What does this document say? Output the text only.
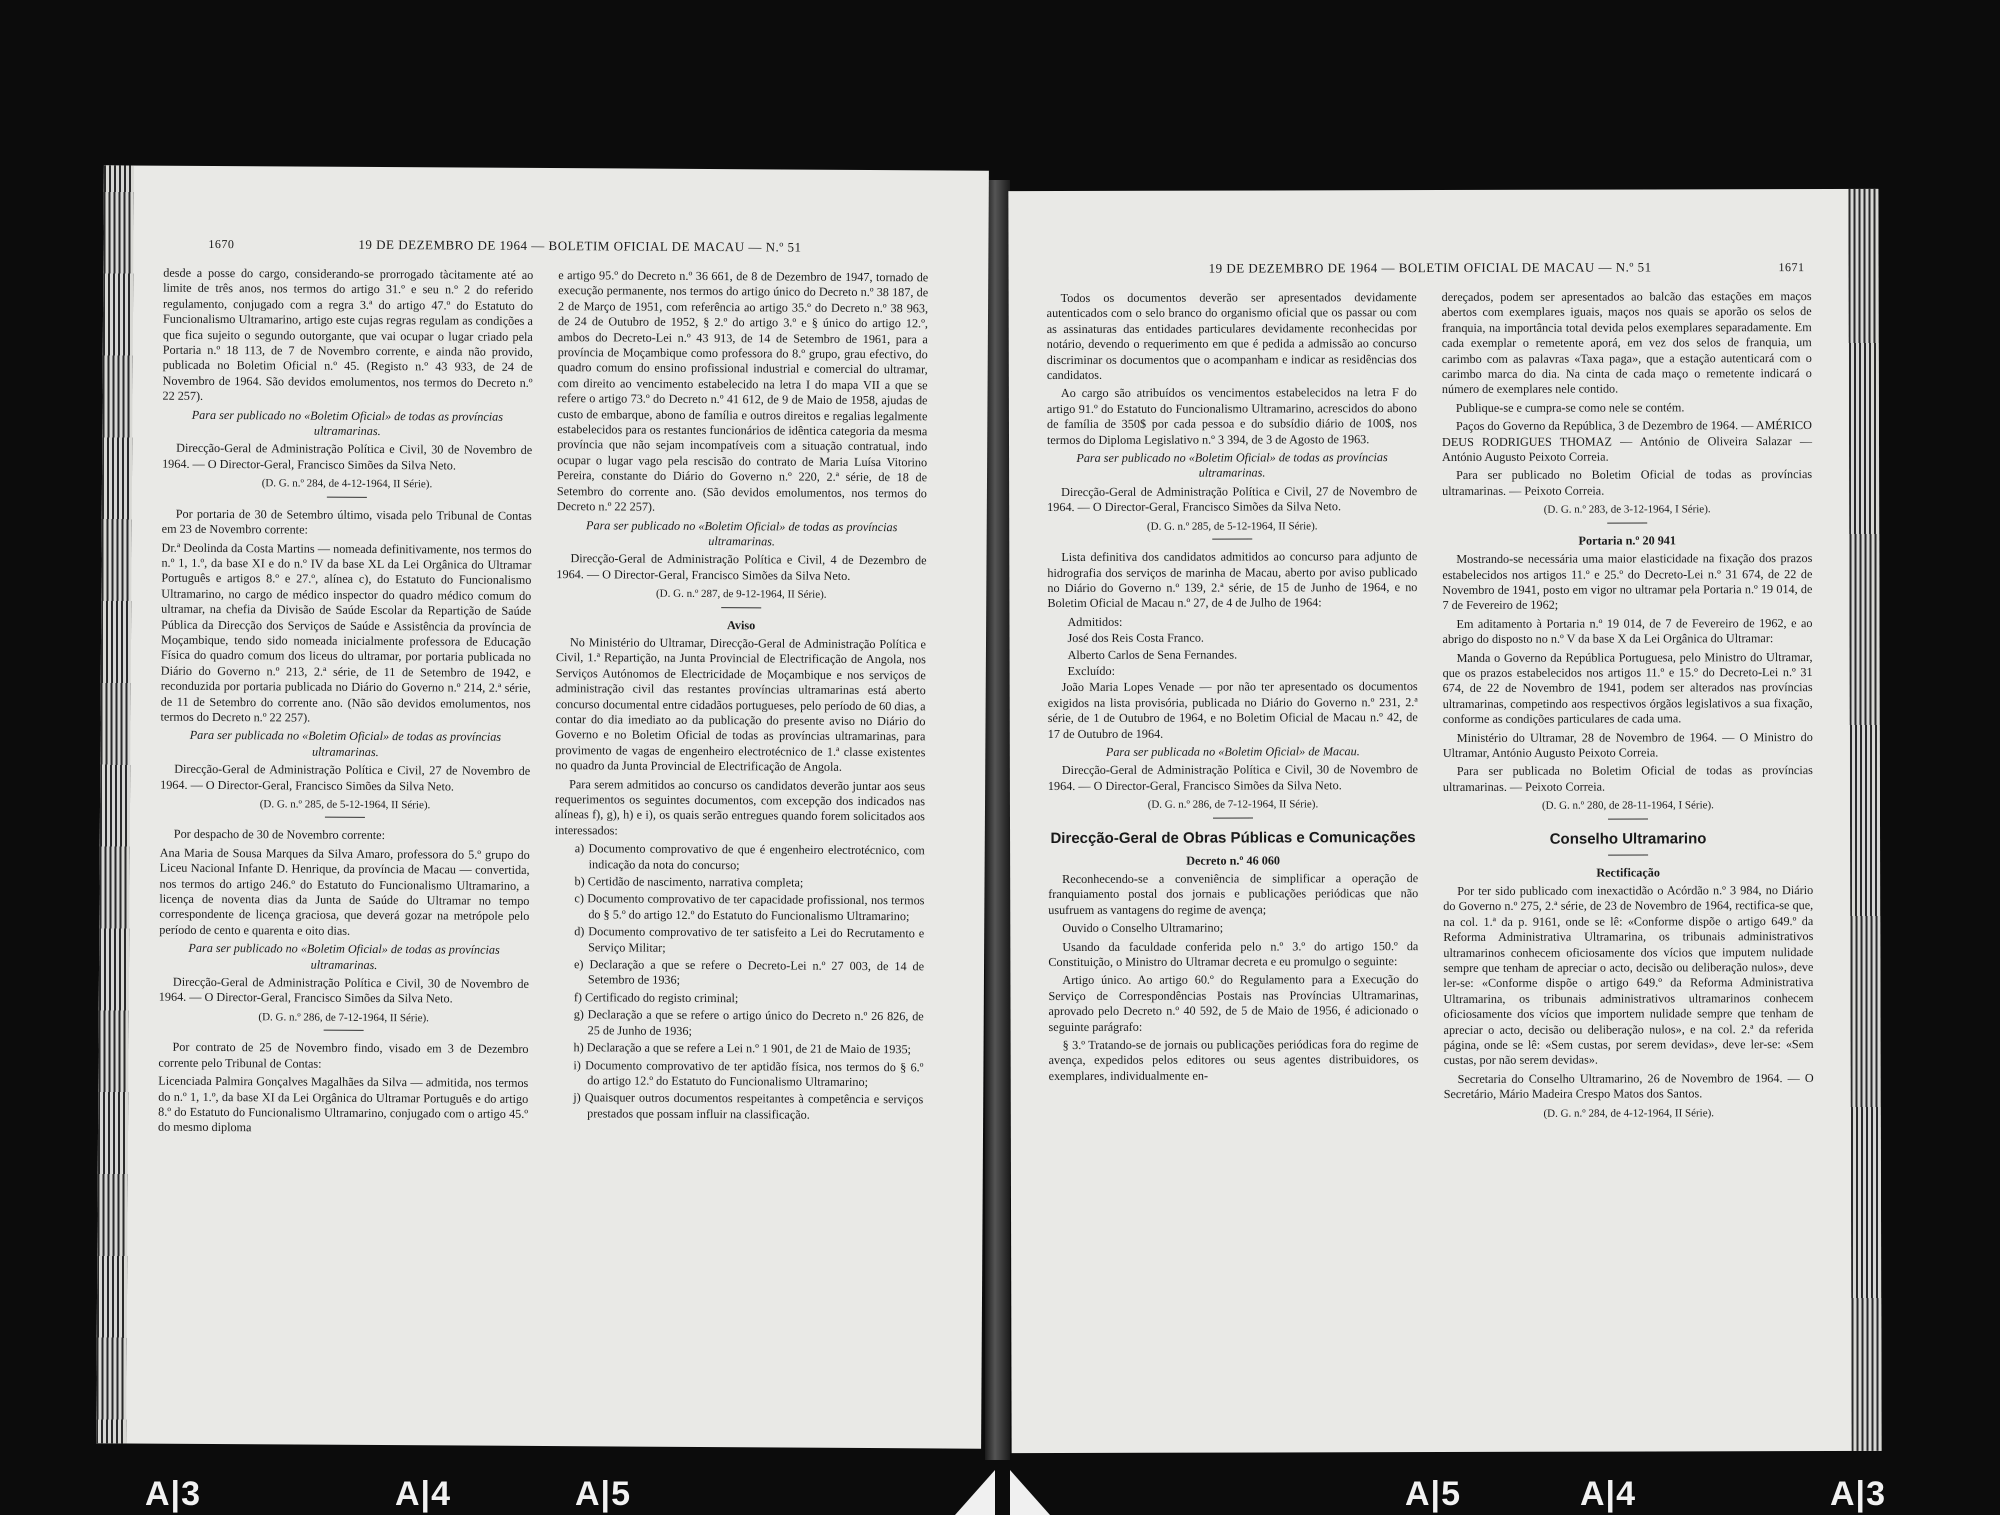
1670	19 DE DEZEMBRO DE 1964 — BOLETIM OFICIAL DE MACAU — N.º 51

desde a posse do cargo, considerando-se prorrogado tàcitamente até ao limite de três anos, nos termos do artigo 31.º e seu n.º 2 do referido regulamento, conjugado com a regra 3.ª do artigo 47.º do Estatuto do Funcionalismo Ultramarino, artigo este cujas regras regulam as condições a que fica sujeito o segundo outorgante, que vai ocupar o lugar criado pela Portaria n.º 18 113, de 7 de Novembro corrente, e ainda não provido, publicada no Boletim Oficial n.º 45. (Registo n.º 43 933, de 24 de Novembro de 1964. São devidos emolumentos, nos termos do Decreto n.º 22 257).

Para ser publicado no «Boletim Oficial» de todas as províncias ultramarinas.

Direcção-Geral de Administração Política e Civil, 30 de Novembro de 1964. — O Director-Geral, Francisco Simões da Silva Neto.

(D. G. n.º 284, de 4-12-1964, II Série).

Por portaria de 30 de Setembro último, visada pelo Tribunal de Contas em 23 de Novembro corrente:

Dr.ª Deolinda da Costa Martins — nomeada definitivamente, nos termos do n.º 1, 1.º, da base XI e do n.º IV da base XL da Lei Orgânica do Ultramar Português e artigos 8.º e 27.º, alínea c), do Estatuto do Funcionalismo Ultramarino, no cargo de médico inspector do quadro médico comum do ultramar, na chefia da Divisão de Saúde Escolar da Repartição de Saúde Pública da Direcção dos Serviços de Saúde e Assistência da província de Moçambique, tendo sido nomeada inicialmente professora de Educação Física do quadro comum dos liceus do ultramar, por portaria publicada no Diário do Governo n.º 213, 2.ª série, de 11 de Setembro de 1942, e reconduzida por portaria publicada no Diário do Governo n.º 214, 2.ª série, de 11 de Setembro do corrente ano. (Não são devidos emolumentos, nos termos do Decreto n.º 22 257).

Para ser publicada no «Boletim Oficial» de todas as províncias ultramarinas.

Direcção-Geral de Administração Política e Civil, 27 de Novembro de 1964. — O Director-Geral, Francisco Simões da Silva Neto.

(D. G. n.º 285, de 5-12-1964, II Série).

Por despacho de 30 de Novembro corrente:

Ana Maria de Sousa Marques da Silva Amaro, professora do 5.º grupo do Liceu Nacional Infante D. Henrique, da província de Macau — convertida, nos termos do artigo 246.º do Estatuto do Funcionalismo Ultramarino, a licença de noventa dias da Junta de Saúde do Ultramar no tempo correspondente de licença graciosa, que deverá gozar na metrópole pelo período de cento e quarenta e oito dias.

Para ser publicado no «Boletim Oficial» de todas as províncias ultramarinas.

Direcção-Geral de Administração Política e Civil, 30 de Novembro de 1964. — O Director-Geral, Francisco Simões da Silva Neto.

(D. G. n.º 286, de 7-12-1964, II Série).

Por contrato de 25 de Novembro findo, visado em 3 de Dezembro corrente pelo Tribunal de Contas:

Licenciada Palmira Gonçalves Magalhães da Silva — admitida, nos termos do n.º 1, 1.º, da base XI da Lei Orgânica do Ultramar Português e do artigo 8.º do Estatuto do Funcionalismo Ultramarino, conjugado com o artigo 45.º do mesmo diploma

e artigo 95.º do Decreto n.º 36 661, de 8 de Dezembro de 1947, tornado de execução permanente, nos termos do artigo único do Decreto n.º 38 187, de 2 de Março de 1951, com referência ao artigo 35.º do Decreto n.º 38 963, de 24 de Outubro de 1952, § 2.º do artigo 3.º e § único do artigo 12.º, ambos do Decreto-Lei n.º 43 913, de 14 de Setembro de 1961, para a província de Moçambique como professora do 8.º grupo, grau efectivo, do quadro comum do ensino profissional industrial e comercial do ultramar, com direito ao vencimento estabelecido na letra I do mapa VII a que se refere o artigo 73.º do Decreto n.º 41 612, de 9 de Maio de 1958, ajudas de custo de embarque, abono de família e outros direitos e regalias legalmente estabelecidos para os restantes funcionários de idêntica categoria da mesma província que não sejam incompatíveis com a situação contratual, indo ocupar o lugar vago pela rescisão do contrato de Maria Luísa Vitorino Pereira, constante do Diário do Governo n.º 220, 2.ª série, de 18 de Setembro do corrente ano. (São devidos emolumentos, nos termos do Decreto n.º 22 257).

Para ser publicado no «Boletim Oficial» de todas as províncias ultramarinas.

Direcção-Geral de Administração Política e Civil, 4 de Dezembro de 1964. — O Director-Geral, Francisco Simões da Silva Neto.

(D. G. n.º 287, de 9-12-1964, II Série).

Aviso

No Ministério do Ultramar, Direcção-Geral de Administração Política e Civil, 1.ª Repartição, na Junta Provincial de Electrificação de Angola, nos Serviços Autónomos de Electricidade de Moçambique e nos serviços de administração civil das restantes províncias ultramarinas está aberto concurso documental entre cidadãos portugueses, pelo período de 60 dias, a contar do dia imediato ao da publicação do presente aviso no Diário do Governo e no Boletim Oficial de todas as províncias ultramarinas, para provimento de vagas de engenheiro electrotécnico de 1.ª classe existentes no quadro da Junta Provincial de Electrificação de Angola.

Para serem admitidos ao concurso os candidatos deverão juntar aos seus requerimentos os seguintes documentos, com excepção dos indicados nas alíneas f), g), h) e i), os quais serão entregues quando forem solicitados aos interessados:

a) Documento comprovativo de que é engenheiro electrotécnico, com indicação da nota do concurso;

b) Certidão de nascimento, narrativa completa;

c) Documento comprovativo de ter capacidade profissional, nos termos do § 5.º do artigo 12.º do Estatuto do Funcionalismo Ultramarino;

d) Documento comprovativo de ter satisfeito a Lei do Recrutamento e Serviço Militar;

e) Declaração a que se refere o Decreto-Lei n.º 27 003, de 14 de Setembro de 1936;

f) Certificado do registo criminal;

g) Declaração a que se refere o artigo único do Decreto n.º 26 826, de 25 de Junho de 1936;

h) Declaração a que se refere a Lei n.º 1 901, de 21 de Maio de 1935;

i) Documento comprovativo de ter aptidão física, nos termos do § 6.º do artigo 12.º do Estatuto do Funcionalismo Ultramarino;

j) Quaisquer outros documentos respeitantes à competência e serviços prestados que possam influir na classificação.

19 DE DEZEMBRO DE 1964 — BOLETIM OFICIAL DE MACAU — N.º 51	1671

Todos os documentos deverão ser apresentados devidamente autenticados com o selo branco do organismo oficial que os passar ou com as assinaturas das entidades particulares devidamente reconhecidas por notário, devendo o requerimento em que é pedida a admissão ao concurso discriminar os documentos que o acompanham e indicar as residências dos candidatos.

Ao cargo são atribuídos os vencimentos estabelecidos na letra F do artigo 91.º do Estatuto do Funcionalismo Ultramarino, acrescidos do abono de família de 350$ por cada pessoa e do subsídio diário de 100$, nos termos do Diploma Legislativo n.º 3 394, de 3 de Agosto de 1963.

Para ser publicado no «Boletim Oficial» de todas as províncias ultramarinas.

Direcção-Geral de Administração Política e Civil, 27 de Novembro de 1964. — O Director-Geral, Francisco Simões da Silva Neto.

(D. G. n.º 285, de 5-12-1964, II Série).

Lista definitiva dos candidatos admitidos ao concurso para adjunto de hidrografia dos serviços de marinha de Macau, aberto por aviso publicado no Diário do Governo n.º 139, 2.ª série, de 15 de Junho de 1964, e no Boletim Oficial de Macau n.º 27, de 4 de Julho de 1964:

Admitidos:

José dos Reis Costa Franco.

Alberto Carlos de Sena Fernandes.

Excluído:

João Maria Lopes Venade — por não ter apresentado os documentos exigidos na lista provisória, publicada no Diário do Governo n.º 231, 2.ª série, de 1 de Outubro de 1964, e no Boletim Oficial de Macau n.º 42, de 17 de Outubro de 1964.

Para ser publicada no «Boletim Oficial» de Macau.

Direcção-Geral de Administração Política e Civil, 30 de Novembro de 1964. — O Director-Geral, Francisco Simões da Silva Neto.

(D. G. n.º 286, de 7-12-1964, II Série).

Direcção-Geral de Obras Públicas e Comunicações

Decreto n.º 46 060

Reconhecendo-se a conveniência de simplificar a operação de franquiamento postal dos jornais e publicações periódicas que não usufruem as vantagens do regime de avença;

Ouvido o Conselho Ultramarino;

Usando da faculdade conferida pelo n.º 3.º do artigo 150.º da Constituição, o Ministro do Ultramar decreta e eu promulgo o seguinte:

Artigo único. Ao artigo 60.º do Regulamento para a Execução do Serviço de Correspondências Postais nas Províncias Ultramarinas, aprovado pelo Decreto n.º 40 592, de 5 de Maio de 1956, é adicionado o seguinte parágrafo:

§ 3.º Tratando-se de jornais ou publicações periódicas fora do regime de avença, expedidos pelos editores ou seus agentes distribuidores, os exemplares, individualmente en-

dereçados, podem ser apresentados ao balcão das estações em maços abertos com exemplares iguais, maços nos quais se aporão os selos de franquia, na importância total devida pelos exemplares separadamente. Em cada exemplar o remetente aporá, em vez dos selos de franquia, um carimbo com as palavras «Taxa paga», que a estação autenticará com o carimbo marca do dia. Na cinta de cada maço o remetente indicará o número de exemplares nele contido.

Publique-se e cumpra-se como nele se contém.

Paços do Governo da República, 3 de Dezembro de 1964. — AMÉRICO DEUS RODRIGUES THOMAZ — António de Oliveira Salazar — António Augusto Peixoto Correia.

Para ser publicado no Boletim Oficial de todas as províncias ultramarinas. — Peixoto Correia.

(D. G. n.º 283, de 3-12-1964, I Série).

Portaria n.º 20 941

Mostrando-se necessária uma maior elasticidade na fixação dos prazos estabelecidos nos artigos 11.º e 25.º do Decreto-Lei n.º 31 674, de 22 de Novembro de 1941, posto em vigor no ultramar pela Portaria n.º 19 014, de 7 de Fevereiro de 1962;

Em aditamento à Portaria n.º 19 014, de 7 de Fevereiro de 1962, e ao abrigo do disposto no n.º V da base X da Lei Orgânica do Ultramar:

Manda o Governo da República Portuguesa, pelo Ministro do Ultramar, que os prazos estabelecidos nos artigos 11.º e 15.º do Decreto-Lei n.º 31 674, de 22 de Novembro de 1941, podem ser alterados nas províncias ultramarinas, competindo aos respectivos órgãos legislativos a sua fixação, conforme as condições particulares de cada uma.

Ministério do Ultramar, 28 de Novembro de 1964. — O Ministro do Ultramar, António Augusto Peixoto Correia.

Para ser publicada no Boletim Oficial de todas as províncias ultramarinas. — Peixoto Correia.

(D. G. n.º 280, de 28-11-1964, I Série).

Conselho Ultramarino

Rectificação

Por ter sido publicado com inexactidão o Acórdão n.º 3 984, no Diário do Governo n.º 275, 2.ª série, de 23 de Novembro de 1964, rectifica-se que, na col. 1.ª da p. 9161, onde se lê: «Conforme dispõe o artigo 649.º da Reforma Administrativa Ultramarina, os tribunais administrativos ultramarinos conhecem oficiosamente dos vícios que imputem nulidade sempre que tenham de apreciar o acto, decisão ou deliberação nulos», deve ler-se: «Conforme dispõe o artigo 649.º da Reforma Administrativa Ultramarina, os tribunais administrativos ultramarinos conhecem oficiosamente dos vícios que importem nulidade sempre que tenham de apreciar o acto, decisão ou deliberação nulos», e na col. 2.ª da referida página, onde se lê: «Sem custas, por serem devidas», deve ler-se: «Sem custas, por não serem devidas».

Secretaria do Conselho Ultramarino, 26 de Novembro de 1964. — O Secretário, Mário Madeira Crespo Matos dos Santos.

(D. G. n.º 284, de 4-12-1964, II Série).

A|3	A|4	A|5	A|5	A|4	A|3
